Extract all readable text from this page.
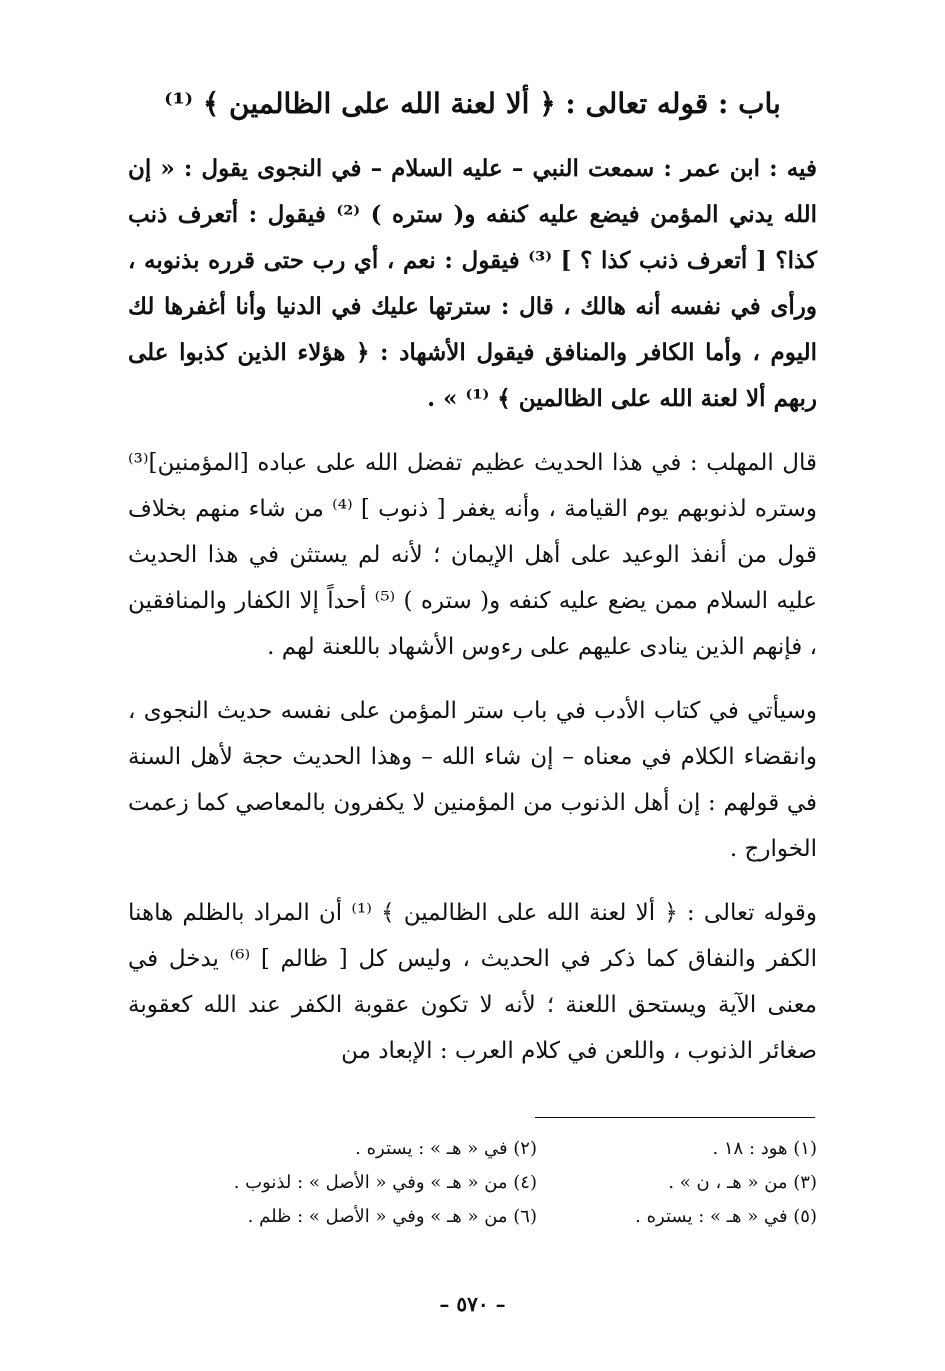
باب : قوله تعالى : ﴿ ألا لعنة الله على الظالمين ﴾ ⁽¹⁾

فيه : ابن عمر : سمعت النبي – عليه السلام – في النجوى يقول : « إن الله يدني المؤمن فيضع عليه كنفه و( ستره ) ⁽²⁾ فيقول : أتعرف ذنب كذا؟ [ أتعرف ذنب كذا ؟ ] ⁽³⁾ فيقول : نعم ، أي رب حتى قرره بذنوبه ، ورأى في نفسه أنه هالك ، قال : سترتها عليك في الدنيا وأنا أغفرها لك اليوم ، وأما الكافر والمنافق فيقول الأشهاد : ﴿ هؤلاء الذين كذبوا على ربهم ألا لعنة الله على الظالمين ﴾ ⁽¹⁾ » .

قال المهلب : في هذا الحديث عظيم تفضل الله على عباده [المؤمنين]⁽³⁾ وستره لذنوبهم يوم القيامة ، وأنه يغفر [ ذنوب ] ⁽⁴⁾ من شاء منهم بخلاف قول من أنفذ الوعيد على أهل الإيمان ؛ لأنه لم يستثن في هذا الحديث عليه السلام ممن يضع عليه كنفه و( ستره ) ⁽⁵⁾ أحداً إلا الكفار والمنافقين ، فإنهم الذين ينادى عليهم على رءوس الأشهاد باللعنة لهم .

وسيأتي في كتاب الأدب في باب ستر المؤمن على نفسه حديث النجوى ، وانقضاء الكلام في معناه – إن شاء الله – وهذا الحديث حجة لأهل السنة في قولهم : إن أهل الذنوب من المؤمنين لا يكفرون بالمعاصي كما زعمت الخوارج .

وقوله تعالى : ﴿ ألا لعنة الله على الظالمين ﴾ ⁽¹⁾ أن المراد بالظلم هاهنا الكفر والنفاق كما ذكر في الحديث ، وليس كل [ ظالم ] ⁽⁶⁾ يدخل في معنى الآية ويستحق اللعنة ؛ لأنه لا تكون عقوبة الكفر عند الله كعقوبة صغائر الذنوب ، واللعن في كلام العرب : الإبعاد من

(١) هود : ١٨ .
(٢) في « هـ » : يستره .
(٣) من « هـ ، ن » .
(٤) من « هـ » وفي « الأصل » : لذنوب .
(٥) في « هـ » : يستره .
(٦) من « هـ » وفي « الأصل » : ظلم .
– ٥٧٠ –
